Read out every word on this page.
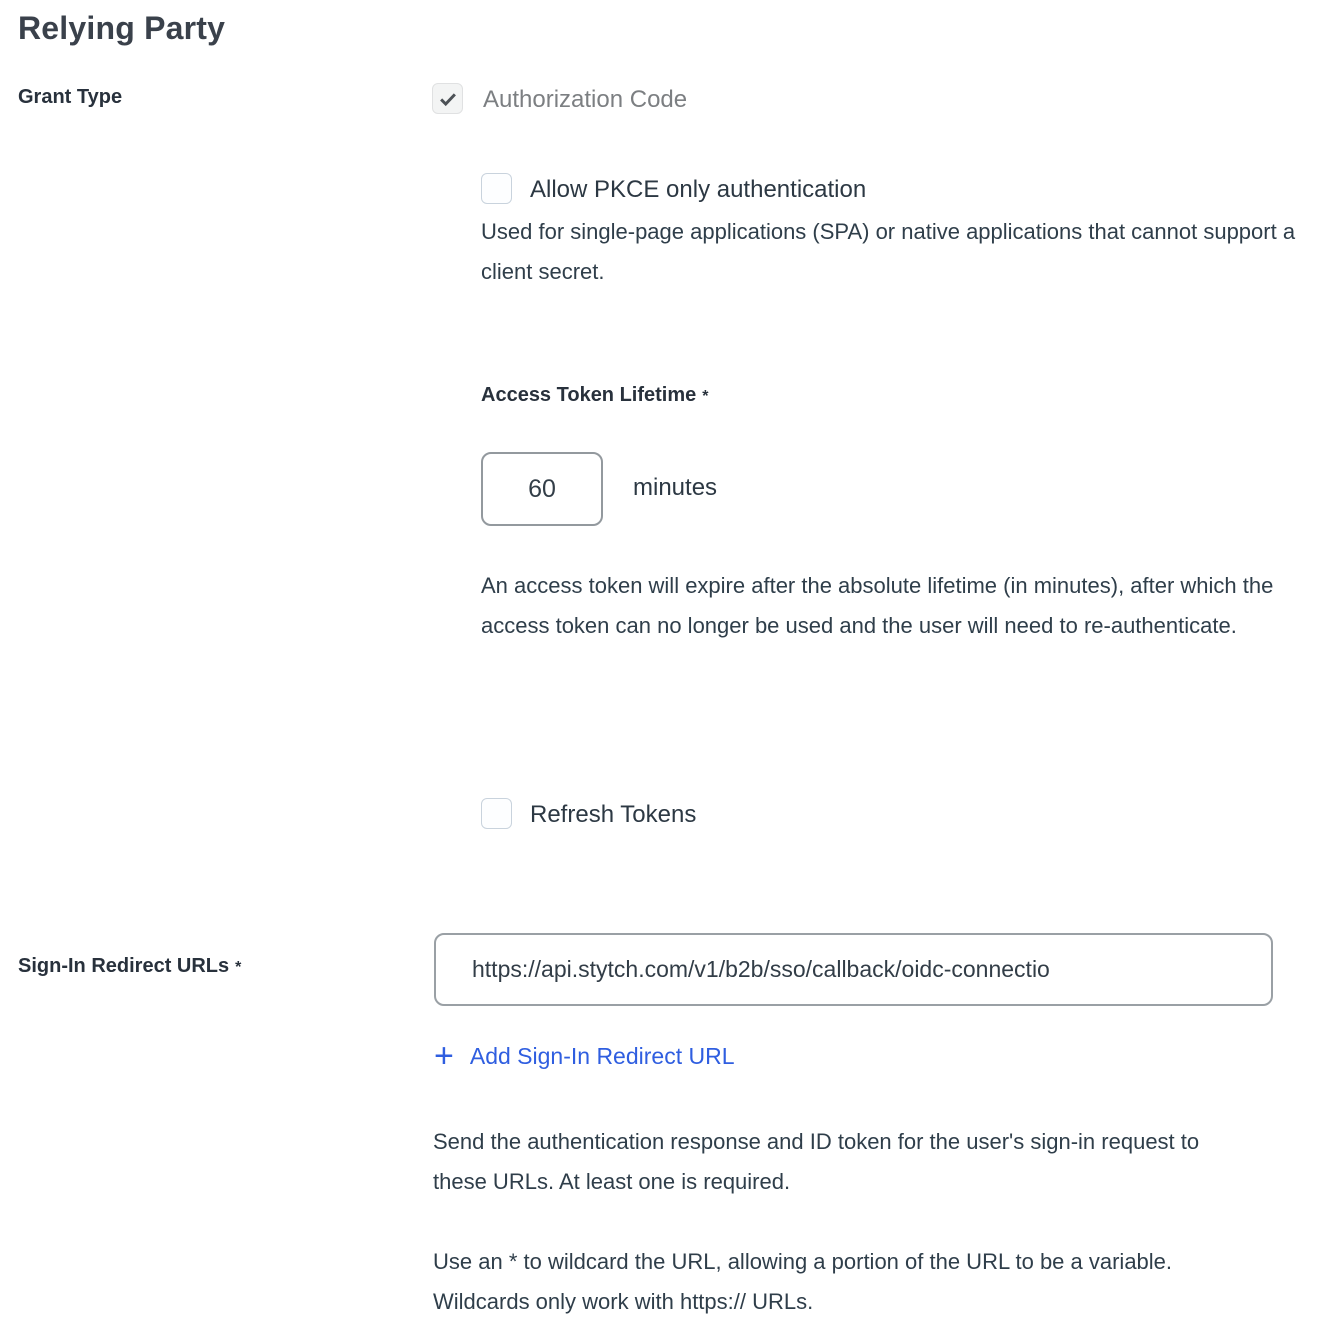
Relying Party
Grant Type	Authorization Code
Allow PKCE only authentication

Used for single-page applications (SPA) or native applications that cannot support a client secret.

Access Token Lifetime *
60
minutes

An access token will expire after the absolute lifetime (in minutes), after which the access token can no longer be used and the user will need to re-authenticate.

Refresh Tokens
Sign-In Redirect URLs *
https://api.stytch.com/v1/b2b/sso/callback/oidc-connectio
+ Add Sign-In Redirect URL

Send the authentication response and ID token for the user's sign-in request to these URLs. At least one is required.

Use an * to wildcard the URL, allowing a portion of the URL to be a variable. Wildcards only work with https:// URLs.
